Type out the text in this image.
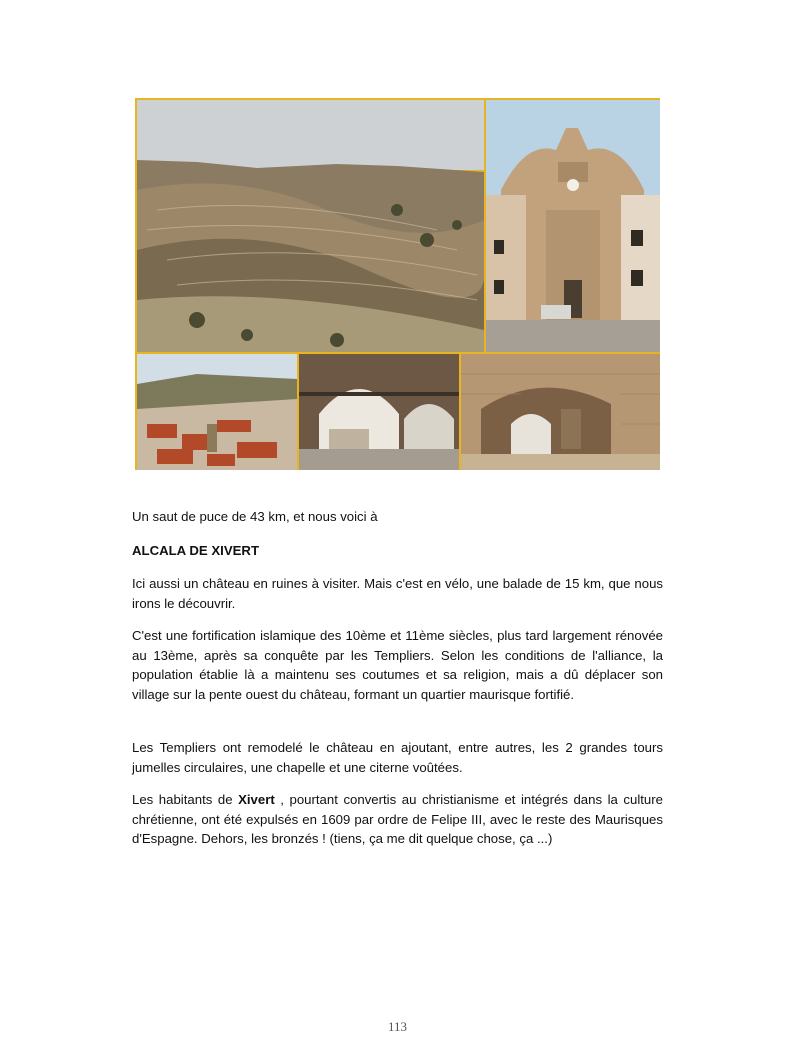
Un saut de puce de 43 km, et nous voici à

ALCALA DE XIVERT

Ici aussi un château en ruines à visiter. Mais c'est en vélo, une balade de 15 km, que nous irons le découvrir.

C'est une fortification islamique des 10ème et 11ème siècles, plus tard largement rénovée au 13ème, après sa conquête par les Templiers. Selon les conditions de l'alliance, la population établie là a maintenu ses coutumes et sa religion, mais a dû déplacer son village sur la pente ouest du château, formant un quartier maurisque fortifié.

Les Templiers ont remodelé le château en ajoutant, entre autres, les 2 grandes tours jumelles circulaires, une chapelle et une citerne voûtées.

Les habitants de Xivert , pourtant convertis au christianisme et intégrés dans la culture chrétienne, ont été expulsés en 1609 par ordre de Felipe III, avec le reste des Maurisques d'Espagne. Dehors, les bronzés ! (tiens, ça me dit quelque chose, ça ...)

113
